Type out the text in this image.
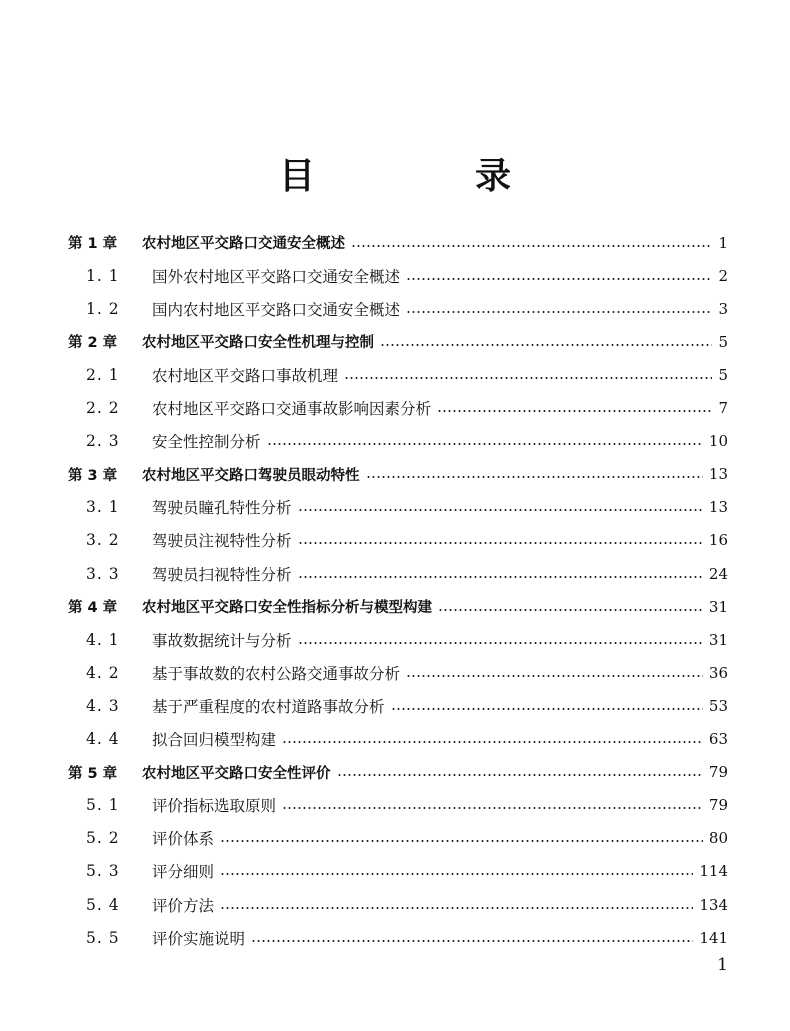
目　录
第 1 章	农村地区平交路口交通安全概述	1
1. 1	国外农村地区平交路口交通安全概述	2
1. 2	国内农村地区平交路口交通安全概述	3
第 2 章	农村地区平交路口安全性机理与控制	5
2. 1	农村地区平交路口事故机理	5
2. 2	农村地区平交路口交通事故影响因素分析	7
2. 3	安全性控制分析	10
第 3 章	农村地区平交路口驾驶员眼动特性	13
3. 1	驾驶员瞳孔特性分析	13
3. 2	驾驶员注视特性分析	16
3. 3	驾驶员扫视特性分析	24
第 4 章	农村地区平交路口安全性指标分析与模型构建	31
4. 1	事故数据统计与分析	31
4. 2	基于事故数的农村公路交通事故分析	36
4. 3	基于严重程度的农村道路事故分析	53
4. 4	拟合回归模型构建	63
第 5 章	农村地区平交路口安全性评价	79
5. 1	评价指标选取原则	79
5. 2	评价体系	80
5. 3	评分细则	114
5. 4	评价方法	134
5. 5	评价实施说明	141
1
